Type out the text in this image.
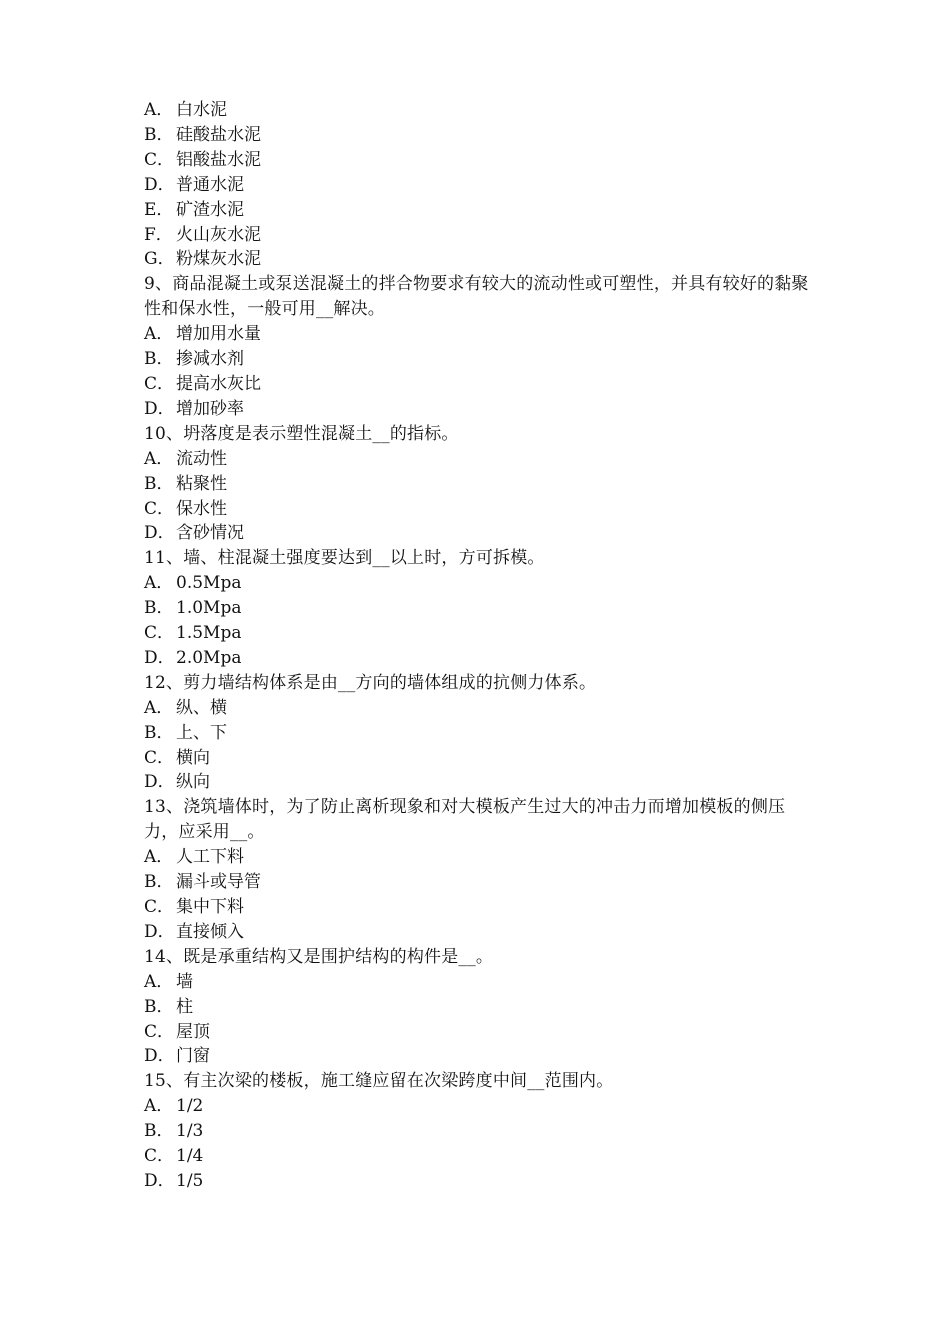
A． 白水泥
B． 硅酸盐水泥
C． 铝酸盐水泥
D．普通水泥
E． 矿渣水泥
F． 火山灰水泥
G．粉煤灰水泥
9、商品混凝土或泵送混凝土的拌合物要求有较大的流动性或可塑性，并具有较好的黏聚性和保水性，一般可用__解决。
A． 增加用水量
B． 掺减水剂
C． 提高水灰比
D．增加砂率
10、坍落度是表示塑性混凝土__的指标。
A． 流动性
B． 粘聚性
C． 保水性
D．含砂情况
11、墙、柱混凝土强度要达到__以上时，方可拆模。
A． 0.5Mpa
B． 1.0Mpa
C． 1.5Mpa
D．2.0Mpa
12、剪力墙结构体系是由__方向的墙体组成的抗侧力体系。
A． 纵、横
B． 上、下
C． 横向
D．纵向
13、浇筑墙体时，为了防止离析现象和对大模板产生过大的冲击力而增加模板的侧压力，应采用__。
A． 人工下料
B． 漏斗或导管
C． 集中下料
D．直接倾入
14、既是承重结构又是围护结构的构件是__。
A． 墙
B． 柱
C． 屋顶
D．门窗
15、有主次梁的楼板，施工缝应留在次梁跨度中间__范围内。
A． 1/2
B． 1/3
C． 1/4
D．1/5
